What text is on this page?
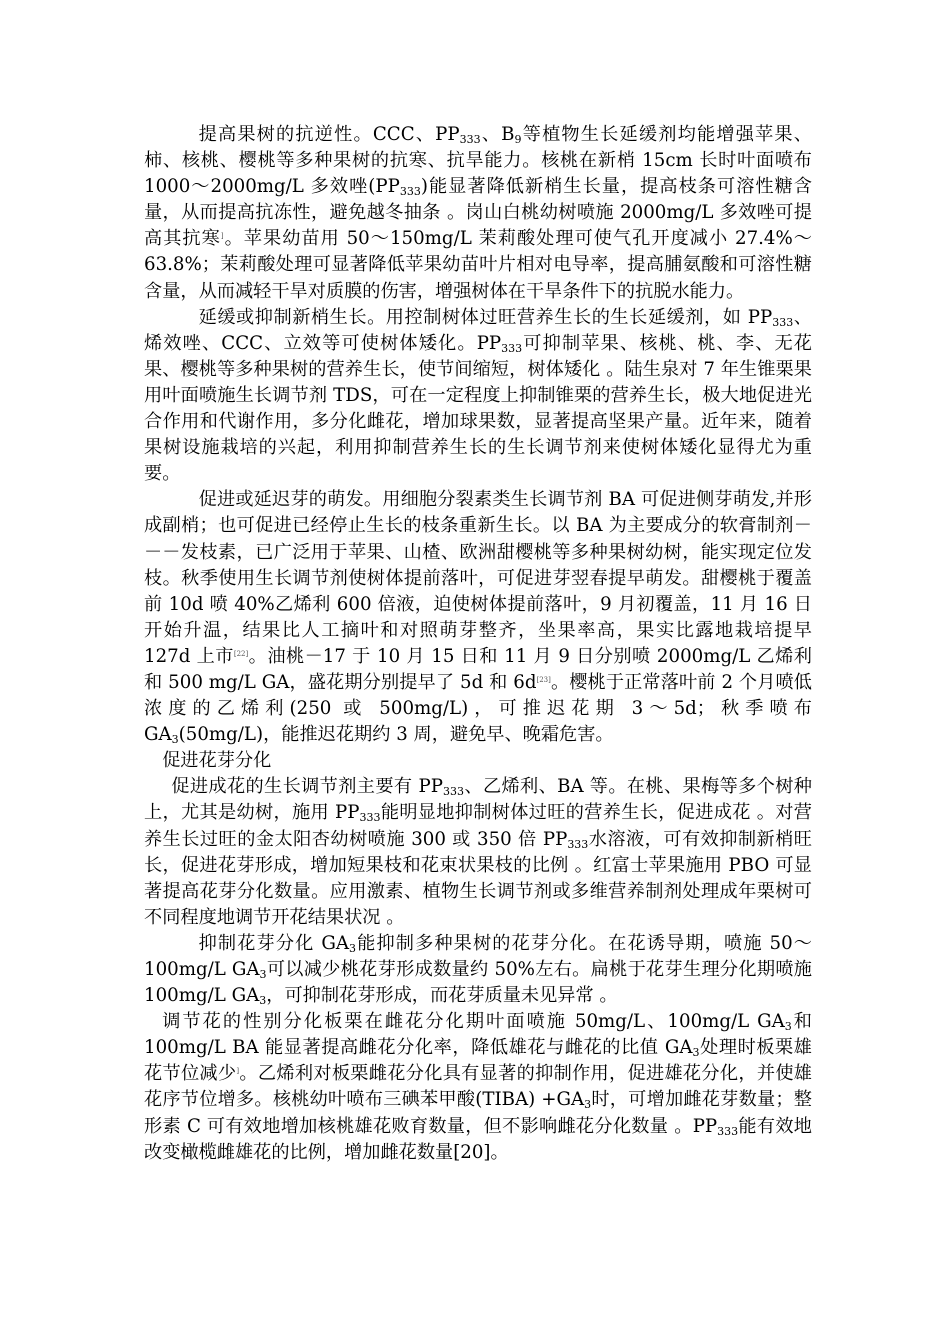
提高果树的抗逆性。CCC、$PP_{333}$、$B_9$等植物生长延缓剂均能增强苹果、柿、核桃、樱桃等多种果树的抗寒、抗旱能力。核桃在新梢 15cm 长时叶面喷布 1000～2000mg/L 多效唑$(PP_{333})$能显著降低新梢生长量，提高枝条可溶性糖含量，从而提高抗冻性，避免越冬抽条 。岗山白桃幼树喷施 2000mg/L 多效唑可提高其抗寒]。苹果幼苗用 50～150mg/L 茉莉酸处理可使气孔开度减小 27.4%～63.8%；茉莉酸处理可显著降低苹果幼苗叶片相对电导率，提高脯氨酸和可溶性糖含量，从而减轻干旱对质膜的伤害，增强树体在干旱条件下的抗脱水能力。

延缓或抑制新梢生长。用控制树体过旺营养生长的生长延缓剂，如 $PP_{333}$、烯效唑、CCC、立效等可使树体矮化。$PP_{333}$可抑制苹果、核桃、桃、李、无花果、樱桃等多种果树的营养生长，使节间缩短，树体矮化 。陆生泉对 7 年生锥栗果用叶面喷施生长调节剂 TDS，可在一定程度上抑制锥栗的营养生长，极大地促进光合作用和代谢作用，多分化雌花，增加球果数，显著提高坚果产量。近年来，随着果树设施栽培的兴起，利用抑制营养生长的生长调节剂来使树体矮化显得尤为重要。

促进或延迟芽的萌发。用细胞分裂素类生长调节剂 BA 可促进侧芽萌发,并形成副梢；也可促进已经停止生长的枝条重新生长。以 BA 为主要成分的软膏制剂－－－发枝素，已广泛用于苹果、山楂、欧洲甜樱桃等多种果树幼树，能实现定位发枝。秋季使用生长调节剂使树体提前落叶，可促进芽翌春提早萌发。甜樱桃于覆盖前 10d 喷 40%乙烯利 600 倍液，迫使树体提前落叶，9 月初覆盖，11 月 16 日开始升温，结果比人工摘叶和对照萌芽整齐，坐果率高，果实比露地栽培提早 127d 上市[22]。油桃－17 于 10 月 15 日和 11 月 9 日分别喷 2000mg/L 乙烯利和 500 mg/L GA，盛花期分别提早了 5d 和 6d[23]。樱桃于正常落叶前 2 个月喷低浓度的乙烯利(250 或 500mg/L)，可推迟花期 3～5d；秋季喷布 $GA_3(50mg/L)$，能推迟花期约 3 周，避免早、晚霜危害。

促进花芽分化

促进成花的生长调节剂主要有 $PP_{333}$、乙烯利、BA 等。在桃、果梅等多个树种上，尤其是幼树，施用 $PP_{333}$能明显地抑制树体过旺的营养生长，促进成花 。对营养生长过旺的金太阳杏幼树喷施 300 或 350 倍 $PP_{333}$水溶液，可有效抑制新梢旺长，促进花芽形成，增加短果枝和花束状果枝的比例 。红富士苹果施用 PBO 可显著提高花芽分化数量。应用激素、植物生长调节剂或多维营养制剂处理成年栗树可不同程度地调节开花结果状况 。

抑制花芽分化 $GA_3$能抑制多种果树的花芽分化。在花诱导期，喷施 50～100mg/L $GA_3$可以减少桃花芽形成数量约 50%左右。扁桃于花芽生理分化期喷施 100mg/L $GA_3$，可抑制花芽形成，而花芽质量未见异常 。

调节花的性别分化板栗在雌花分化期叶面喷施 50mg/L、100mg/L $GA_3$和 100mg/L BA 能显著提高雌花分化率，降低雄花与雌花的比值 $GA_3$处理时板栗雄花节位减少]。乙烯利对板栗雌花分化具有显著的抑制作用，促进雄花分化，并使雄花序节位增多。核桃幼叶喷布三碘苯甲酸(TIBA) $+GA_3$时，可增加雌花芽数量；整形素 C 可有效地增加核桃雄花败育数量，但不影响雌花分化数量 。$PP_{333}$能有效地改变橄榄雌雄花的比例，增加雌花数量[20]。
